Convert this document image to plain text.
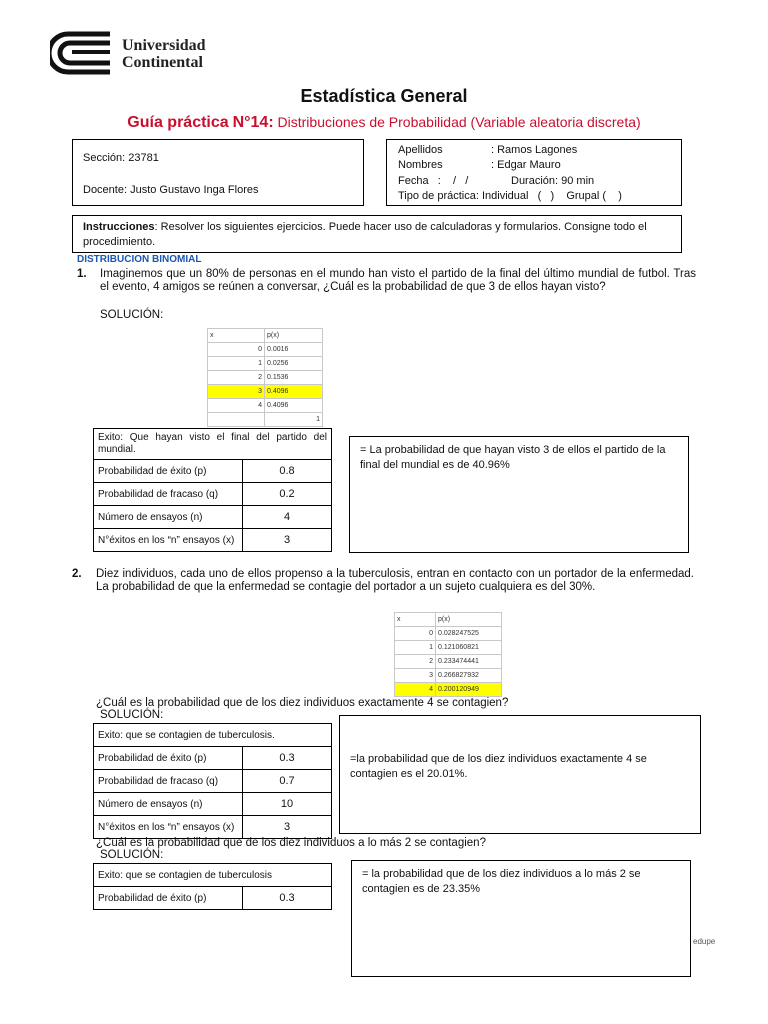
Universidad
Continental
Estadística General
Guía práctica N°14: Distribuciones de Probabilidad (Variable aleatoria discreta)
Sección: 23781
Docente: Justo Gustavo Inga Flores
Apellidos	: Ramos Lagones
Nombres	: Edgar Mauro
Fecha   :    /   /	Duración: 90 min
Tipo de práctica: Individual   (   )    Grupal (    )
Instrucciones: Resolver los siguientes ejercicios. Puede hacer uso de calculadoras y formularios. Consigne todo el procedimiento.
DISTRIBUCION BINOMIAL
1. Imaginemos que un 80% de personas en el mundo han visto el partido de la final del último mundial de futbol. Tras el evento, 4 amigos se reúnen a conversar, ¿Cuál es la probabilidad de que 3 de ellos hayan visto?
SOLUCIÓN:
x	p(x)
0	0.0016
1	0.0256
2	0.1536
3	0.4096
4	0.4096
	1
Exito: Que hayan visto el final del partido del mundial.	
Probabilidad de éxito (p)	0.8
Probabilidad de fracaso (q)	0.2
Número de ensayos (n)	4
N°éxitos en los “n” ensayos (x)	3
= La probabilidad de que hayan visto 3 de ellos el partido de la final del mundial es de 40.96%
2. Diez individuos, cada uno de ellos propenso a la tuberculosis, entran en contacto con un portador de la enfermedad. La probabilidad de que la enfermedad se contagie del portador a un sujeto cualquiera es del 30%.
x	p(x)
0	0.028247525
1	0.121060821
2	0.233474441
3	0.266827932
4	0.200120949
¿Cuál es la probabilidad que de los diez individuos exactamente 4 se contagien?
SOLUCIÓN:
Exito: que se contagien de tuberculosis.	
Probabilidad de éxito (p)	0.3
Probabilidad de fracaso (q)	0.7
Número de ensayos (n)	10
N°éxitos en los “n” ensayos (x)	3
=la probabilidad que de los diez individuos exactamente 4 se contagien es el 20.01%.
¿Cuál es la probabilidad que de los diez individuos a lo más 2 se contagien?
SOLUCIÓN:
Exito: que se contagien de tuberculosis
Probabilidad de éxito (p)	0.3
= la probabilidad que de los diez individuos a lo más 2 se contagien es de 23.35%
edupe
